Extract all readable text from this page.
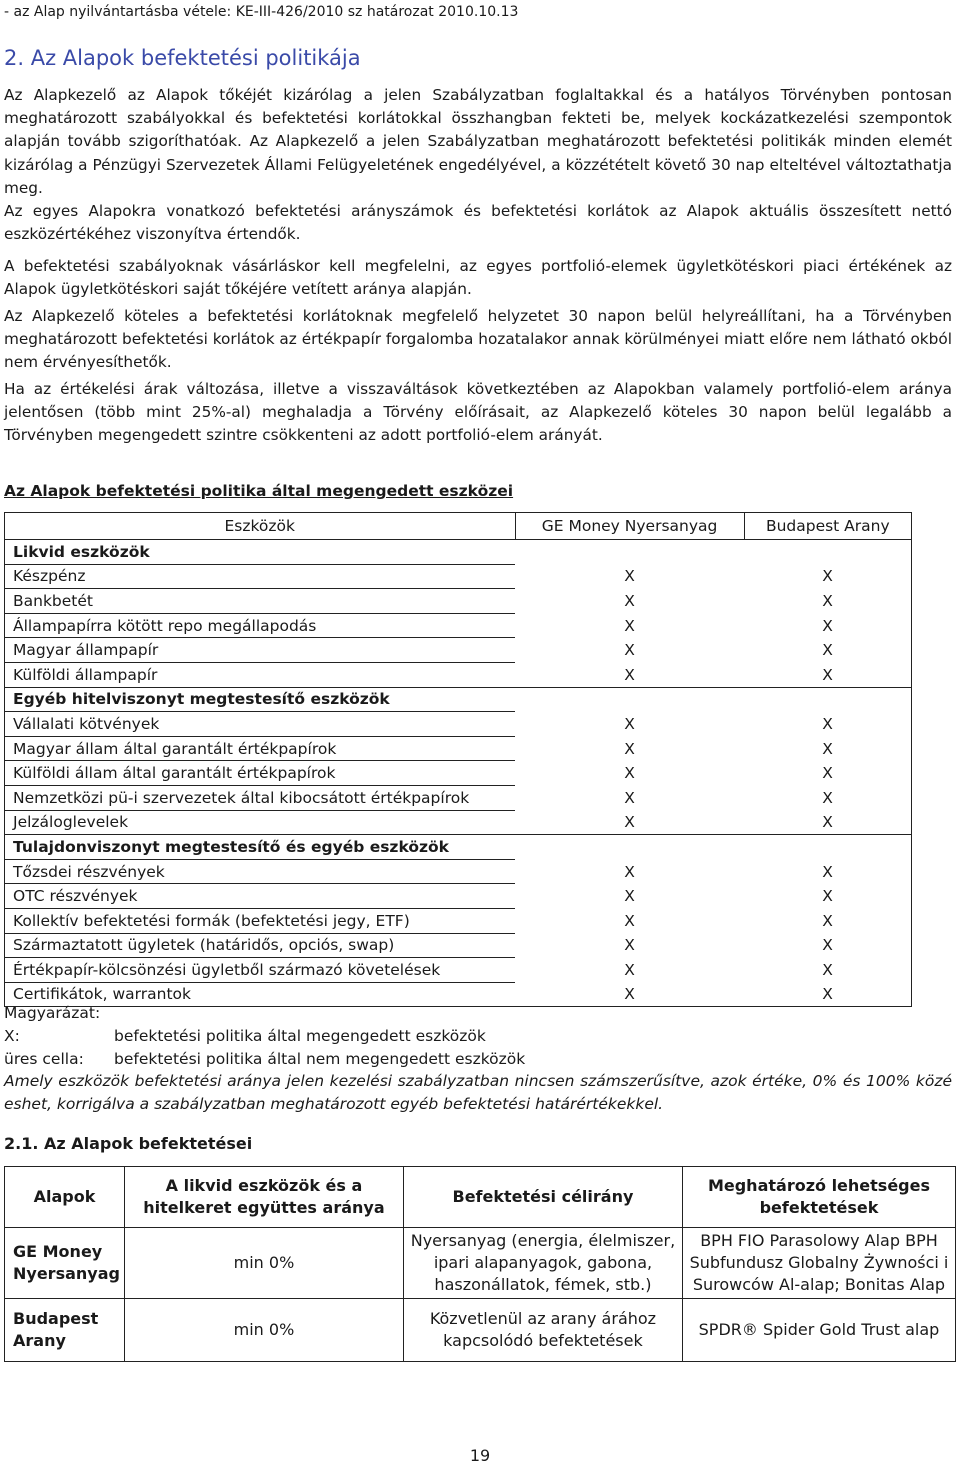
- az Alap nyilvántartásba vétele: KE-III-426/2010 sz határozat 2010.10.13
2. Az Alapok befektetési politikája

Az Alapkezelő az Alapok tőkéjét kizárólag a jelen Szabályzatban foglaltakkal és a hatályos Törvényben pontosan meghatározott szabályokkal és befektetési korlátokkal összhangban fekteti be, melyek kockázatkezelési szempontok alapján tovább szigoríthatóak. Az Alapkezelő a jelen Szabályzatban meghatározott befektetési politikák minden elemét kizárólag a Pénzügyi Szervezetek Állami Felügyeletének engedélyével, a közzétételt követő 30 nap elteltével változtathatja meg.

Az egyes Alapokra vonatkozó befektetési arányszámok és befektetési korlátok az Alapok aktuális összesített nettó eszközértékéhez viszonyítva értendők.

A befektetési szabályoknak vásárláskor kell megfelelni, az egyes portfolió-elemek ügyletkötéskori piaci értékének az Alapok ügyletkötéskori saját tőkéjére vetített aránya alapján.

Az Alapkezelő köteles a befektetési korlátoknak megfelelő helyzetet 30 napon belül helyreállítani, ha a Törvényben meghatározott befektetési korlátok az értékpapír forgalomba hozatalakor annak körülményei miatt előre nem látható okból nem érvényesíthetők.

Ha az értékelési árak változása, illetve a visszaváltások következtében az Alapokban valamely portfolió-elem aránya jelentősen (több mint 25%-al) meghaladja a Törvény előírásait, az Alapkezelő köteles 30 napon belül legalább a Törvényben megengedett szintre csökkenteni az adott portfolió-elem arányát.

Az Alapok befektetési politika által megengedett eszközei
Eszközök	GE Money Nyersanyag	Budapest Arany
Likvid eszközök		
Készpénz	X	X
Bankbetét	X	X
Állampapírra kötött repo megállapodás	X	X
Magyar állampapír	X	X
Külföldi állampapír	X	X
Egyéb hitelviszonyt megtestesítő eszközök		
Vállalati kötvények	X	X
Magyar állam által garantált értékpapírok	X	X
Külföldi állam által garantált értékpapírok	X	X
Nemzetközi pü-i szervezetek által kibocsátott értékpapírok	X	X
Jelzáloglevelek	X	X
Tulajdonviszonyt megtestesítő és egyéb eszközök		
Tőzsdei részvények	X	X
OTC részvények	X	X
Kollektív befektetési formák (befektetési jegy, ETF)	X	X
Származtatott ügyletek (határidős, opciós, swap)	X	X
Értékpapír-kölcsönzési ügyletből származó követelések	X	X
Certifikátok, warrantok	X	X
Magyarázat:
X:	befektetési politika által megengedett eszközök
üres cella: befektetési politika által nem megengedett eszközök
Amely eszközök befektetési aránya jelen kezelési szabályzatban nincsen számszerűsítve, azok értéke, 0% és 100% közé eshet, korrigálva a szabályzatban meghatározott egyéb befektetési határértékekkel.
2.1. Az Alapok befektetései
Alapok	A likvid eszközök és a hitelkeret együttes aránya	Befektetési célirány	Meghatározó lehetséges befektetések
GE Money Nyersanyag	min 0%	Nyersanyag (energia, élelmiszer, ipari alapanyagok, gabona, haszonállatok, fémek, stb.)	BPH FIO Parasolowy Alap BPH Subfundusz Globalny Żywności i Surowców Al-alap; Bonitas Alap
Budapest Arany	min 0%	Közvetlenül az arany árához kapcsolódó befektetések	SPDR® Spider Gold Trust alap
19
